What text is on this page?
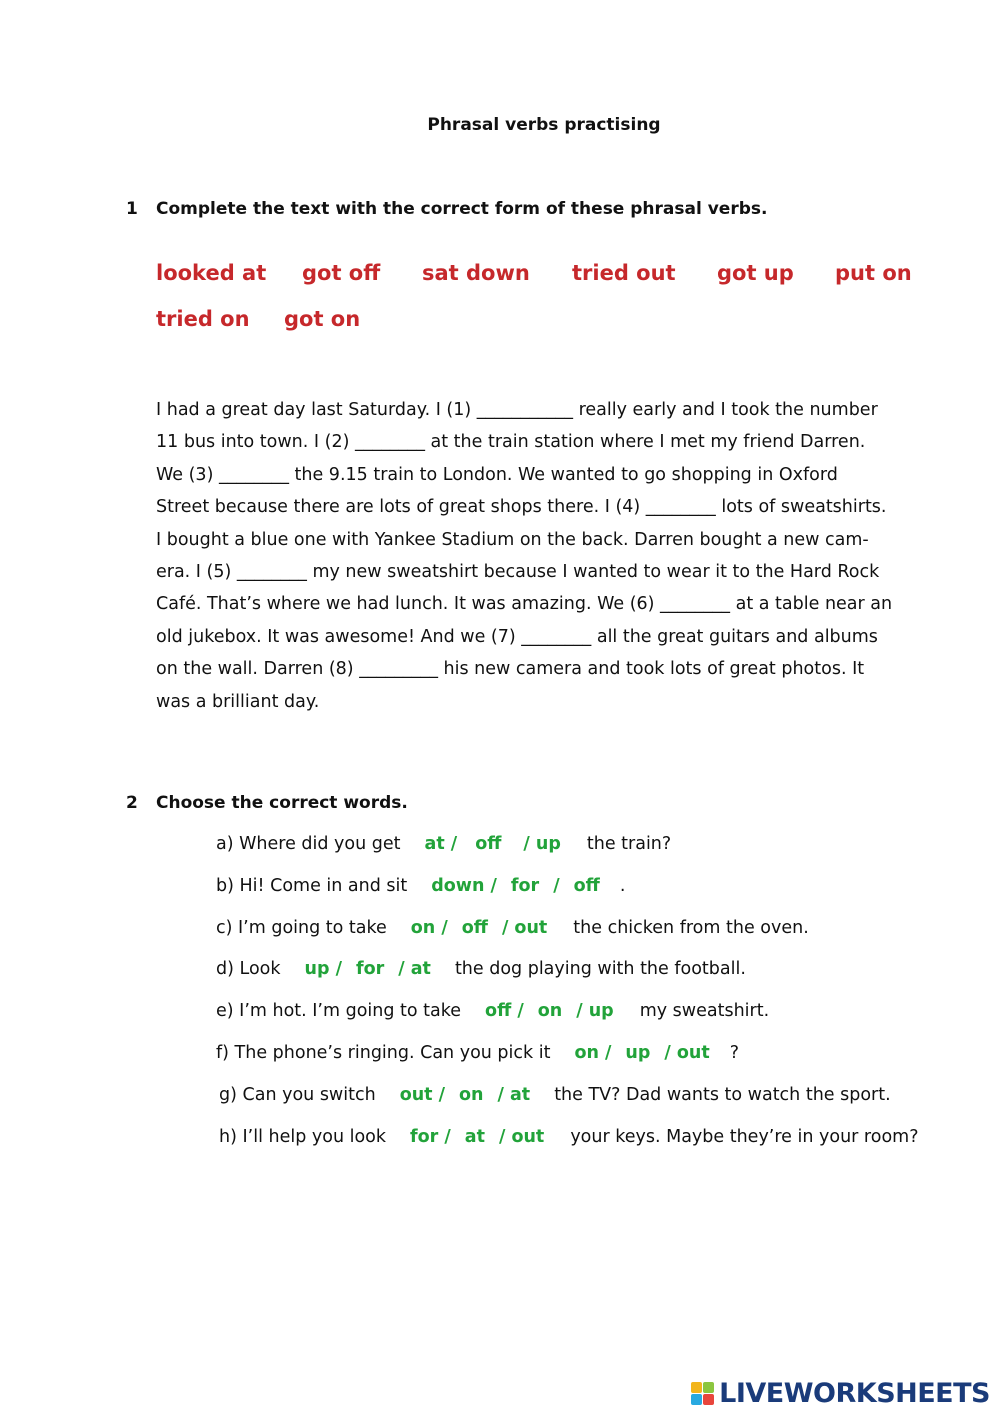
Phrasal verbs practising
1 Complete the text with the correct form of these phrasal verbs.
looked at got off sat down tried out got up put on
tried on got on

I had a great day last Saturday. I (1) ___________ really early and I took the number
11 bus into town. I (2) ________ at the train station where I met my friend Darren.
We (3) ________ the 9.15 train to London. We wanted to go shopping in Oxford
Street because there are lots of great shops there. I (4) ________ lots of sweatshirts.
I bought a blue one with Yankee Stadium on the back. Darren bought a new cam-
era. I (5) ________ my new sweatshirt because I wanted to wear it to the Hard Rock
Café. That’s where we had lunch. It was amazing. We (6) ________ at a table near an
old jukebox. It was awesome! And we (7) ________ all the great guitars and albums
on the wall. Darren (8) _________ his new camera and took lots of great photos. It
was a brilliant day.

2 Choose the correct words.
a) Where did you get at / off / up the train?
b) Hi! Come in and sit down / for / off .
c) I’m going to take on / off / out the chicken from the oven.
d) Look up / for / at the dog playing with the football.
e) I’m hot. I’m going to take off / on / up my sweatshirt.
f) The phone’s ringing. Can you pick it on / up / out ?
g) Can you switch out / on / at the TV? Dad wants to watch the sport.
h) I’ll help you look for / at / out your keys. Maybe they’re in your room?
LIVEWORKSHEETS
